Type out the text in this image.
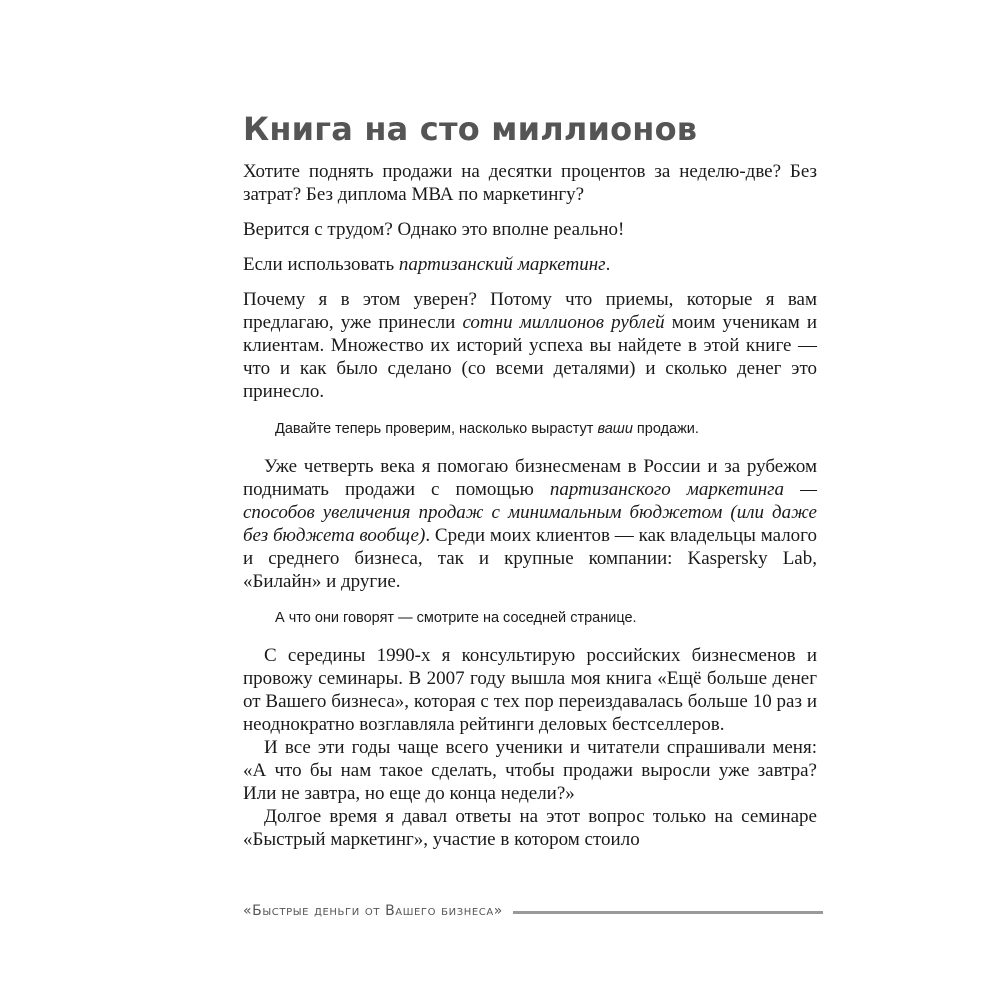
Книга на сто миллионов

Хотите поднять продажи на десятки процентов за неделю-две? Без затрат? Без диплома МВА по маркетингу?

Верится с трудом? Однако это вполне реально!

Если использовать партизанский маркетинг.

Почему я в этом уверен? Потому что приемы, которые я вам предлагаю, уже принесли сотни миллионов рублей моим ученикам и клиентам. Множество их историй успеха вы найдете в этой книге — что и как было сделано (со всеми деталями) и сколько денег это принесло.

Давайте теперь проверим, насколько вырастут ваши продажи.

Уже четверть века я помогаю бизнесменам в России и за рубежом поднимать продажи с помощью партизанского маркетинга — способов увеличения продаж с минимальным бюджетом (или даже без бюджета вообще). Среди моих клиентов — как владельцы малого и среднего бизнеса, так и крупные компании: Kaspersky Lab, «Билайн» и другие.

А что они говорят — смотрите на соседней странице.

С середины 1990-х я консультирую российских бизнесменов и провожу семинары. В 2007 году вышла моя книга «Ещё больше денег от Вашего бизнеса», которая с тех пор переиздавалась больше 10 раз и неоднократно возглавляла рейтинги деловых бестселлеров.

И все эти годы чаще всего ученики и читатели спрашивали меня: «А что бы нам такое сделать, чтобы продажи выросли уже завтра? Или не завтра, но еще до конца недели?»

Долгое время я давал ответы на этот вопрос только на семинаре «Быстрый маркетинг», участие в котором стоило

«Быстрые деньги от Вашего бизнеса»
